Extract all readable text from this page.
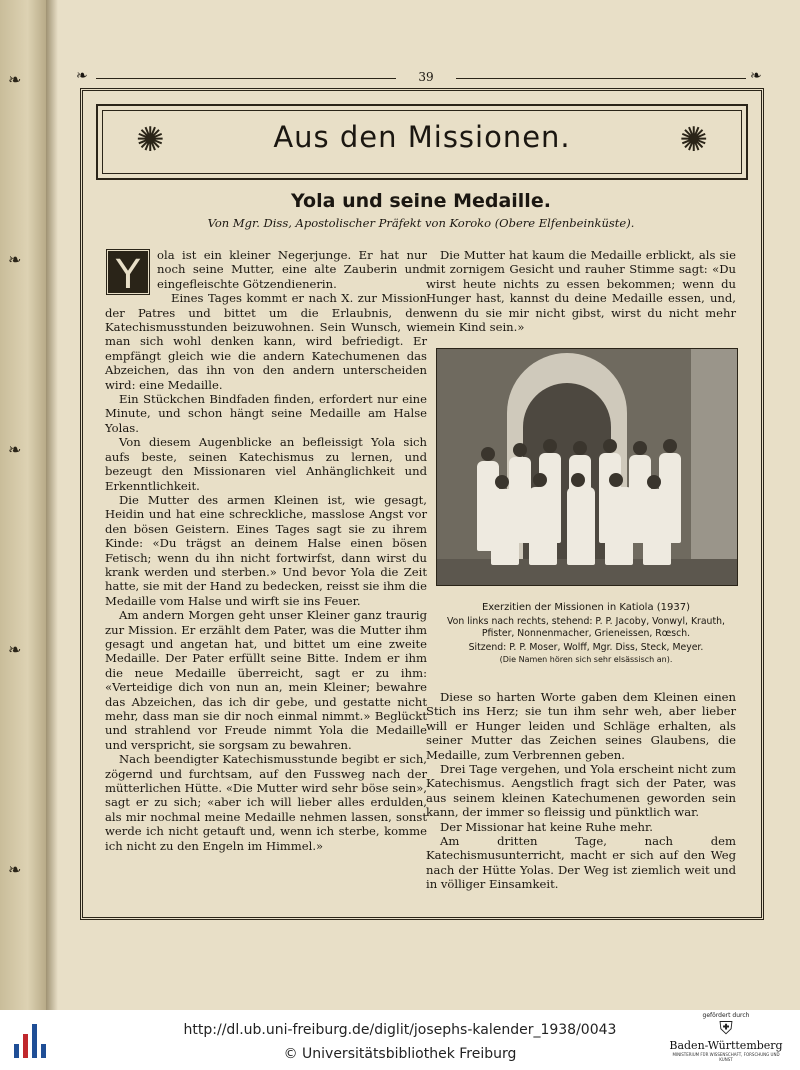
❧
❧
❧
❧
❧
❧	39	❧
✺	Aus den Missionen.	✺
Yola und seine Medaille.
Von Mgr. Diss, Apostolischer Präfekt von Koroko (Obere Elfenbeinküste).
Y	ola ist ein kleiner Negerjunge. Er hat nur noch seine Mutter, eine alte Zauberin und eingefleischte Götzendienerin.

Eines Tages kommt er nach X. zur Mission der Patres und bittet um die Erlaubnis, den Katechismusstunden beizuwohnen. Sein Wunsch, wie man sich wohl denken kann, wird befriedigt. Er empfängt gleich wie die andern Katechumenen das Abzeichen, das ihn von den andern unterscheiden wird: eine Medaille.

Ein Stückchen Bindfaden finden, erfordert nur eine Minute, und schon hängt seine Medaille am Halse Yolas.

Von diesem Augenblicke an befleissigt Yola sich aufs beste, seinen Katechismus zu lernen, und bezeugt den Missionaren viel Anhänglichkeit und Erkenntlichkeit.

Die Mutter des armen Kleinen ist, wie gesagt, Heidin und hat eine schreckliche, masslose Angst vor den bösen Geistern. Eines Tages sagt sie zu ihrem Kinde: «Du trägst an deinem Halse einen bösen Fetisch; wenn du ihn nicht fortwirfst, dann wirst du krank werden und sterben.» Und bevor Yola die Zeit hatte, sie mit der Hand zu bedecken, reisst sie ihm die Medaille vom Halse und wirft sie ins Feuer.

Am andern Morgen geht unser Kleiner ganz traurig zur Mission. Er erzählt dem Pater, was die Mutter ihm gesagt und angetan hat, und bittet um eine zweite Medaille. Der Pater erfüllt seine Bitte. Indem er ihm die neue Medaille überreicht, sagt er zu ihm: «Verteidige dich von nun an, mein Kleiner; bewahre das Abzeichen, das ich dir gebe, und gestatte nicht mehr, dass man sie dir noch einmal nimmt.» Beglückt und strahlend vor Freude nimmt Yola die Medaille und verspricht, sie sorgsam zu bewahren.

Nach beendigter Katechismusstunde begibt er sich, zögernd und furchtsam, auf den Fussweg nach der mütterlichen Hütte. «Die Mutter wird sehr böse sein», sagt er zu sich; «aber ich will lieber alles erdulden, als mir nochmal meine Medaille nehmen lassen, sonst werde ich nicht getauft und, wenn ich sterbe, komme ich nicht zu den Engeln im Himmel.»

Die Mutter hat kaum die Medaille erblickt, als sie mit zornigem Gesicht und rauher Stimme sagt: «Du wirst heute nichts zu essen bekommen; wenn du Hunger hast, kannst du deine Medaille essen, und, wenn du sie mir nicht gibst, wirst du nicht mehr mein Kind sein.»

Exerzitien der Missionen in Katiola (1937)
Von links nach rechts, stehend: P. P. Jacoby, Vonwyl, Krauth,
Pfister, Nonnenmacher, Grieneissen, Rœsch.
Sitzend: P. P. Moser, Wolff, Mgr. Diss, Steck, Meyer.
(Die Namen hören sich sehr elsässisch an).

Diese so harten Worte gaben dem Kleinen einen Stich ins Herz; sie tun ihm sehr weh, aber lieber will er Hunger leiden und Schläge erhalten, als seiner Mutter das Zeichen seines Glaubens, die Medaille, zum Verbrennen geben.

Drei Tage vergehen, und Yola erscheint nicht zum Katechismus. Aengstlich fragt sich der Pater, was aus seinem kleinen Katechumenen geworden sein kann, der immer so fleissig und pünktlich war.

Der Missionar hat keine Ruhe mehr.

Am dritten Tage, nach dem Katechismusunterricht, macht er sich auf den Weg nach der Hütte Yolas. Der Weg ist ziemlich weit und in völliger Einsamkeit.

http://dl.ub.uni-freiburg.de/diglit/josephs-kalender_1938/0043
© Universitätsbibliothek Freiburg
gefördert durch
⛨
Baden-Württemberg
MINISTERIUM FÜR WISSENSCHAFT, FORSCHUNG UND KUNST
